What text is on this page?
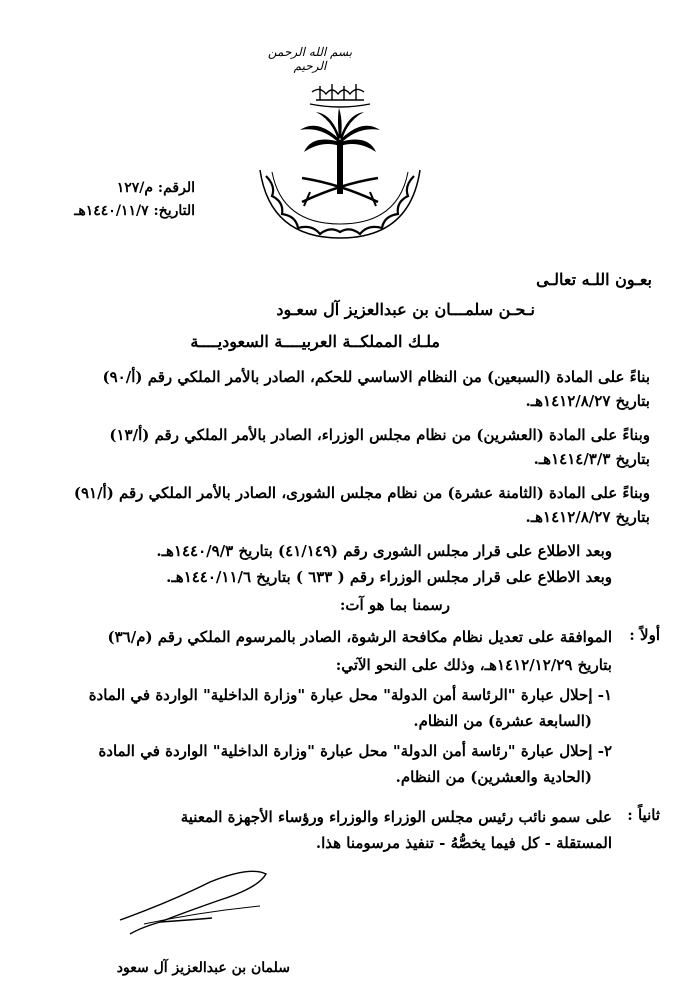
بسم الله الرحمن الرحيم
الرقم: م/١٢٧
التاريخ: ١٤٤٠/١١/٧هـ
بعـون اللـه تعالـى
نـحـن سلمـــان بن عبدالعزيز آل سعـود
ملـك المملكــة العربيــــة السعوديــــة
بناءً على المادة (السبعين) من النظام الاساسي للحكم، الصادر بالأمر الملكي رقم (أ/٩٠)
بتاريخ ١٤١٢/٨/٢٧هـ.
وبناءً على المادة (العشرين) من نظام مجلس الوزراء، الصادر بالأمر الملكي رقم (أ/١٣)
بتاريخ ١٤١٤/٣/٣هـ.
وبناءً على المادة (الثامنة عشرة) من نظام مجلس الشورى، الصادر بالأمر الملكي رقم (أ/٩١)
بتاريخ ١٤١٢/٨/٢٧هـ.
وبعد الاطلاع على قرار مجلس الشورى رقم (٤١/١٤٩) بتاريخ ١٤٤٠/٩/٣هـ.
وبعد الاطلاع على قرار مجلس الوزراء رقم ( ٦٣٣ ) بتاريخ ١٤٤٠/١١/٦هـ.
رسمنا بما هو آت:
أولاً :
الموافقة على تعديل نظام مكافحة الرشوة، الصادر بالمرسوم الملكي رقم (م/٣٦)
بتاريخ ١٤١٢/١٢/٢٩هـ، وذلك على النحو الآتي:
١- إحلال عبارة "الرئاسة أمن الدولة" محل عبارة "وزارة الداخلية" الواردة في المادة
(السابعة عشرة) من النظام.
٢- إحلال عبارة "رئاسة أمن الدولة" محل عبارة "وزارة الداخلية" الواردة في المادة
(الحادية والعشرين) من النظام.
ثانياً :
على سمو نائب رئيس مجلس الوزراء والوزراء ورؤساء الأجهزة المعنية
المستقلة - كل فيما يخصُّهُ - تنفيذ مرسومنا هذا.
سلمان بن عبدالعزيز آل سعود
